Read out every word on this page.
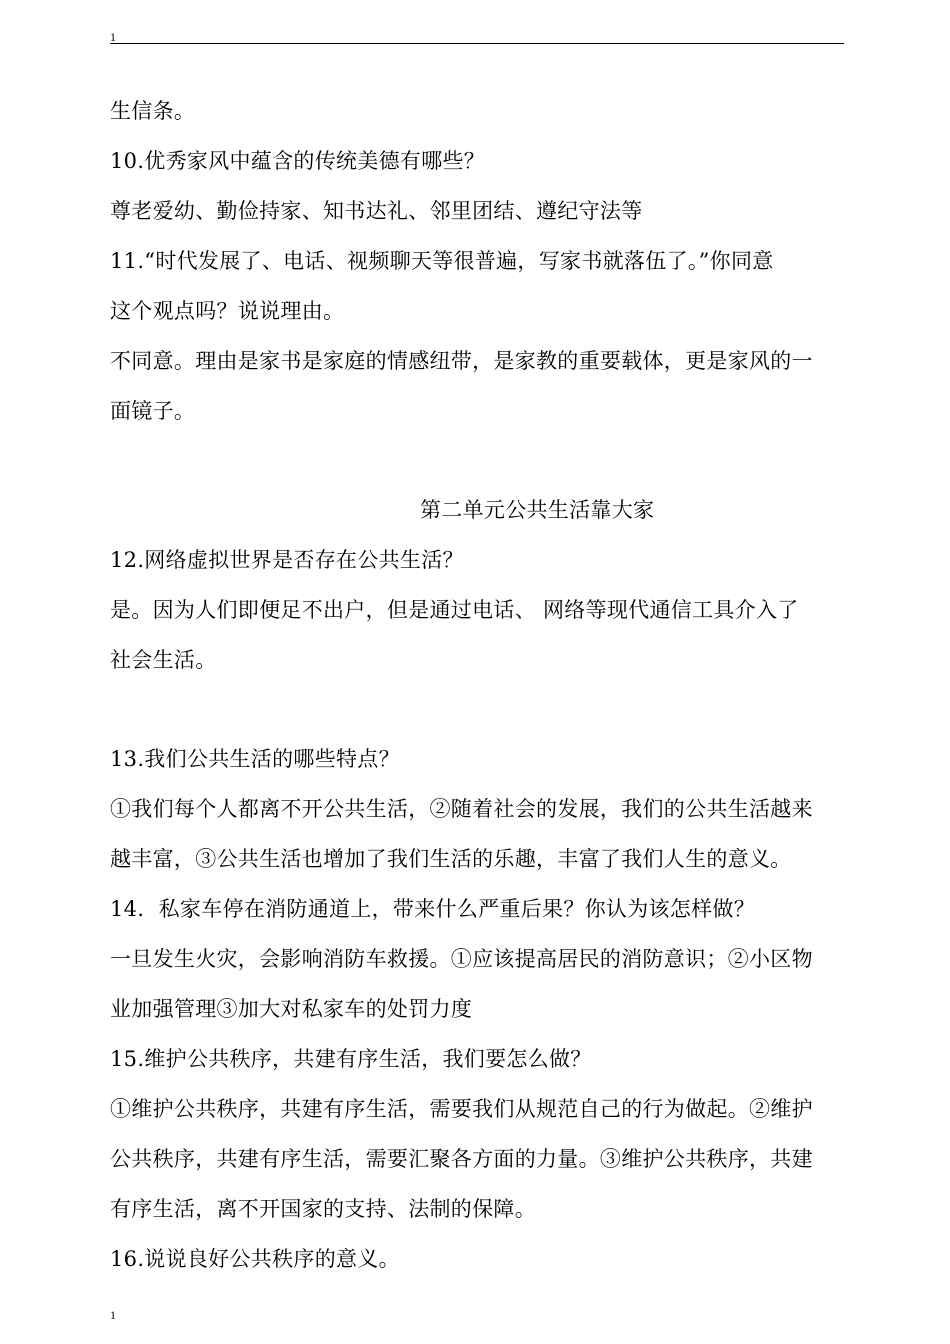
1
生信条。
10.优秀家风中蕴含的传统美德有哪些？
尊老爱幼、勤俭持家、知书达礼、邻里团结、遵纪守法等
11.“时代发展了、电话、视频聊天等很普遍，写家书就落伍了。”你同意
这个观点吗？说说理由。
不同意。理由是家书是家庭的情感纽带，是家教的重要载体，更是家风的一
面镜子。
第二单元公共生活靠大家
12.网络虚拟世界是否存在公共生活？
是。因为人们即便足不出户，但是通过电话、 网络等现代通信工具介入了
社会生活。
13.我们公共生活的哪些特点？
①我们每个人都离不开公共生活，②随着社会的发展，我们的公共生活越来
越丰富，③公共生活也增加了我们生活的乐趣，丰富了我们人生的意义。
14．私家车停在消防通道上，带来什么严重后果？你认为该怎样做？
一旦发生火灾，会影响消防车救援。①应该提高居民的消防意识；②小区物
业加强管理③加大对私家车的处罚力度
15.维护公共秩序，共建有序生活，我们要怎么做？
①维护公共秩序，共建有序生活，需要我们从规范自己的行为做起。②维护
公共秩序，共建有序生活，需要汇聚各方面的力量。③维护公共秩序，共建
有序生活，离不开国家的支持、法制的保障。
16.说说良好公共秩序的意义。
1
